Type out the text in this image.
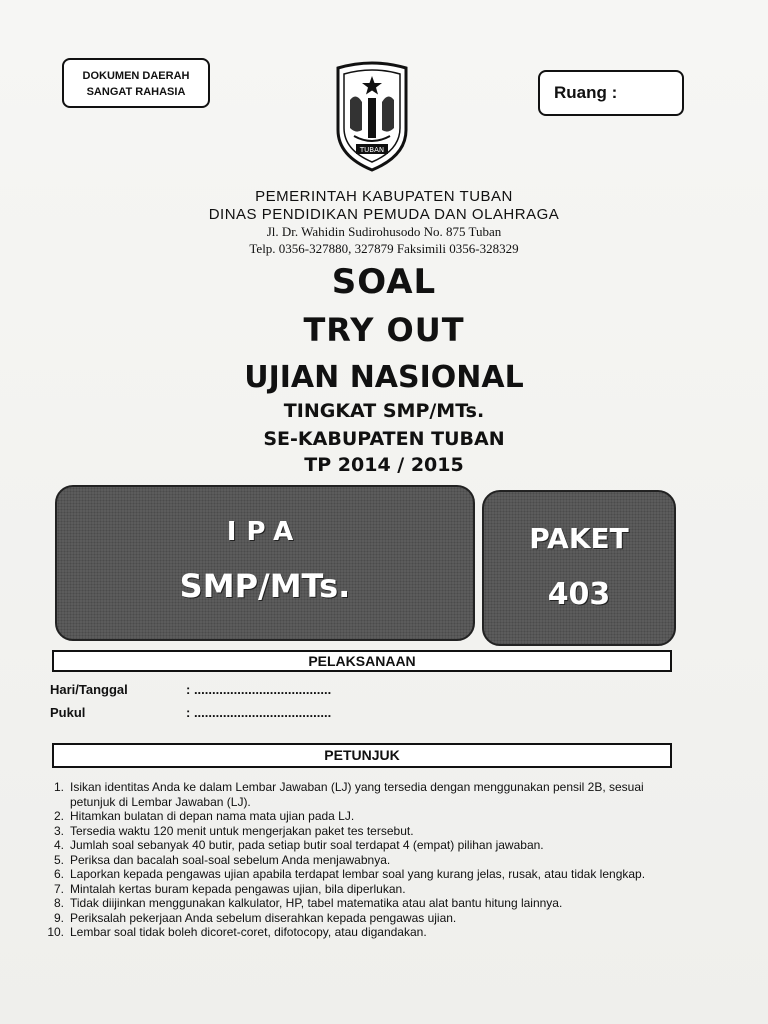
DOKUMEN DAERAH
SANGAT RAHASIA	Ruang :
TUBAN
PEMERINTAH KABUPATEN TUBAN
DINAS PENDIDIKAN PEMUDA DAN OLAHRAGA
Jl. Dr. Wahidin Sudirohusodo No. 875 Tuban
Telp. 0356-327880, 327879 Faksimili 0356-328329
SOAL
TRY OUT
UJIAN NASIONAL
TINGKAT SMP/MTs.
SE-KABUPATEN TUBAN
TP 2014 / 2015
IPA
SMP/MTs.
PAKET
403
PELAKSANAAN
Hari/Tanggal	: ......................................
Pukul	: ......................................
PETUNJUK
1. Isikan identitas Anda ke dalam Lembar Jawaban (LJ) yang tersedia dengan menggunakan pensil 2B, sesuai petunjuk di Lembar Jawaban (LJ).
2. Hitamkan bulatan di depan nama mata ujian pada LJ.
3. Tersedia waktu 120 menit untuk mengerjakan paket tes tersebut.
4. Jumlah soal sebanyak 40 butir, pada setiap butir soal terdapat 4 (empat) pilihan jawaban.
5. Periksa dan bacalah soal-soal sebelum Anda menjawabnya.
6. Laporkan kepada pengawas ujian apabila terdapat lembar soal yang kurang jelas, rusak, atau tidak lengkap.
7. Mintalah kertas buram kepada pengawas ujian, bila diperlukan.
8. Tidak diijinkan menggunakan kalkulator, HP, tabel matematika atau alat bantu hitung lainnya.
9. Periksalah pekerjaan Anda sebelum diserahkan kepada pengawas ujian.
10. Lembar soal tidak boleh dicoret-coret, difotocopy, atau digandakan.
